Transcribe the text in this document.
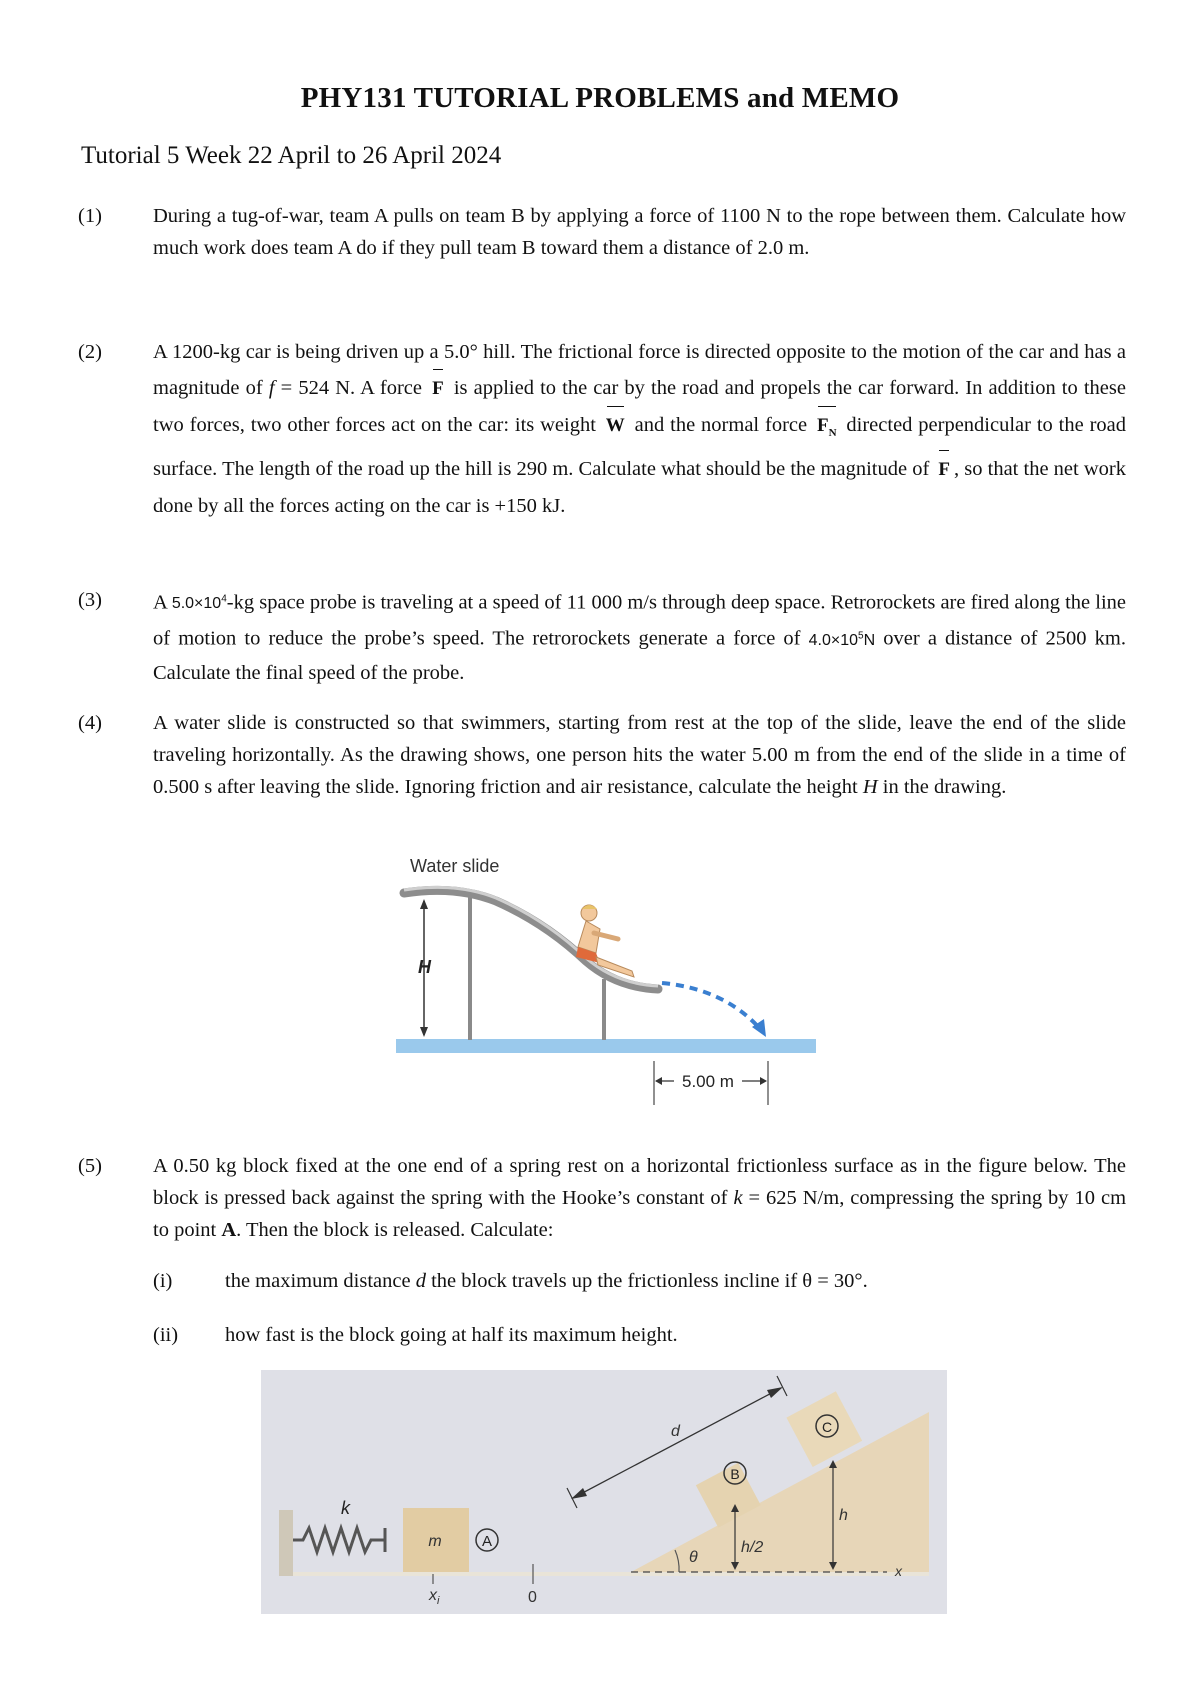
PHY131 TUTORIAL PROBLEMS and MEMO
Tutorial 5 Week 22 April to 26 April 2024
(1) During a tug-of-war, team A pulls on team B by applying a force of 1100 N to the rope between them. Calculate how much work does team A do if they pull team B toward them a distance of 2.0 m.
(2) A 1200-kg car is being driven up a 5.0° hill. The frictional force is directed opposite to the motion of the car and has a magnitude of f = 524 N. A force F is applied to the car by the road and propels the car forward. In addition to these two forces, two other forces act on the car: its weight W and the normal force $F_N$ directed perpendicular to the road surface. The length of the road up the hill is 290 m. Calculate what should be the magnitude of F , so that the net work done by all the forces acting on the car is +150 kJ.
(3) A $5.0\times 10^4-kg$ space probe is traveling at a speed of 11 000 m/s through deep space. Retrorockets are fired along the line of motion to reduce the probe’s speed. The retrorockets generate a force of $4.0\times 10^5N$ over a distance of 2500 km. Calculate the final speed of the probe.
(4) A water slide is constructed so that swimmers, starting from rest at the top of the slide, leave the end of the slide traveling horizontally. As the drawing shows, one person hits the water 5.00 m from the end of the slide in a time of 0.500 s after leaving the slide. Ignoring friction and air resistance, calculate the height H in the drawing.
Water slide
H
5.00 m
(5) A 0.50 kg block fixed at the one end of a spring rest on a horizontal frictionless surface as in the figure below. The block is pressed back against the spring with the Hooke’s constant of k = 625 N/m, compressing the spring by 10 cm to point A. Then the block is released. Calculate:
(i)	the maximum distance d the block travels up the frictionless incline if θ = 30°.
(ii) how fast is the block going at half its maximum height.
k
m	A
$x_i$	0
θ
x
B
h/2
C
h
d
